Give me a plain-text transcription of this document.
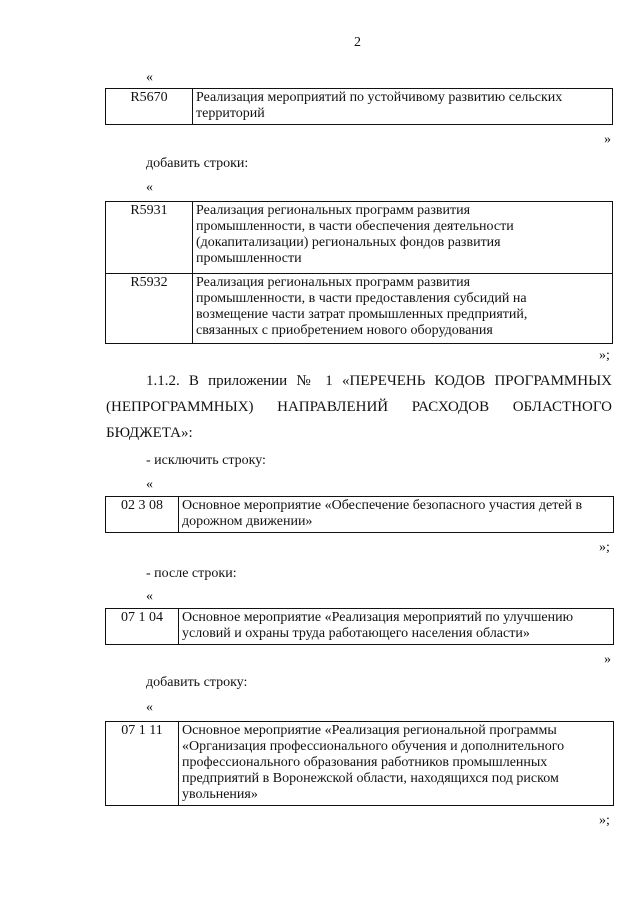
2
«
R5670	Реализация мероприятий по устойчивому развитию сельских
территорий
»
добавить строки:
«
R5931	Реализация региональных программ развития
промышленности, в части обеспечения деятельности
(докапитализации) региональных фондов развития
промышленности
R5932	Реализация региональных программ развития
промышленности, в части предоставления субсидий на
возмещение части затрат промышленных предприятий,
связанных с приобретением нового оборудования
»;
1.1.2. В приложении № 1 «ПЕРЕЧЕНЬ КОДОВ ПРОГРАММНЫХ
(НЕПРОГРАММНЫХ) НАПРАВЛЕНИЙ РАСХОДОВ ОБЛАСТНОГО
БЮДЖЕТА»:
- исключить строку:
«
02 3 08	Основное мероприятие «Обеспечение безопасного участия детей в
дорожном движении»
»;
- после строки:
«
07 1 04	Основное мероприятие «Реализация мероприятий по улучшению
условий и охраны труда работающего населения области»
»
добавить строку:
«
07 1 11	Основное мероприятие «Реализация региональной программы
«Организация профессионального обучения и дополнительного
профессионального образования работников промышленных
предприятий в Воронежской области, находящихся под риском
увольнения»
»;
